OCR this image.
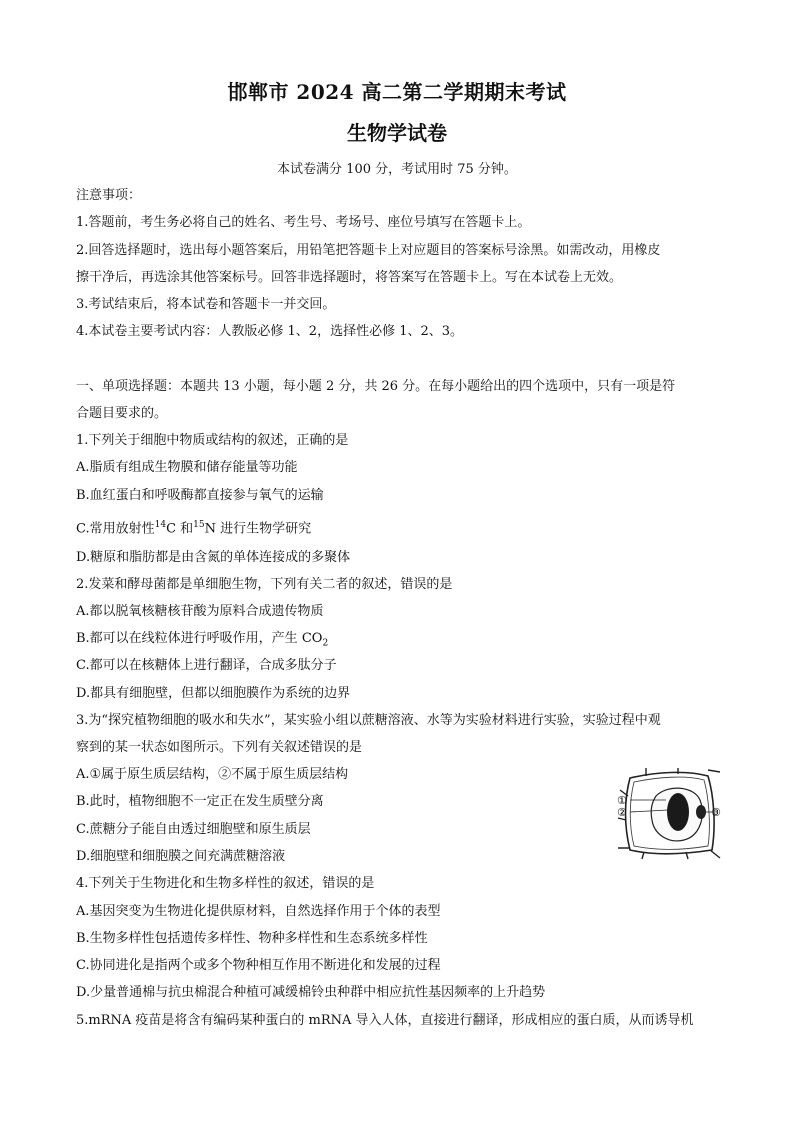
邯郸市 2024 高二第二学期期末考试
生物学试卷
本试卷满分 100 分，考试用时 75 分钟。
注意事项：
1.答题前，考生务必将自己的姓名、考生号、考场号、座位号填写在答题卡上。
2.回答选择题时，选出每小题答案后，用铅笔把答题卡上对应题目的答案标号涂黑。如需改动，用橡皮
擦干净后，再选涂其他答案标号。回答非选择题时，将答案写在答题卡上。写在本试卷上无效。
3.考试结束后，将本试卷和答题卡一并交回。
4.本试卷主要考试内容：人教版必修 1、2，选择性必修 1、2、3。
一、单项选择题：本题共 13 小题，每小题 2 分，共 26 分。在每小题给出的四个选项中，只有一项是符
合题目要求的。
1.下列关于细胞中物质或结构的叙述，正确的是
A.脂质有组成生物膜和储存能量等功能
B.血红蛋白和呼吸酶都直接参与氧气的运输
C.常用放射性$^{14}$C 和$^{15}$N 进行生物学研究
D.糖原和脂肪都是由含氮的单体连接成的多聚体
2.发菜和酵母菌都是单细胞生物，下列有关二者的叙述，错误的是
A.都以脱氧核糖核苷酸为原料合成遗传物质
B.都可以在线粒体进行呼吸作用，产生 $CO_2$
C.都可以在核糖体上进行翻译，合成多肽分子
D.都具有细胞壁，但都以细胞膜作为系统的边界
3.为“探究植物细胞的吸水和失水”，某实验小组以蔗糖溶液、水等为实验材料进行实验，实验过程中观
察到的某一状态如图所示。下列有关叙述错误的是
A.①属于原生质层结构，②不属于原生质层结构
B.此时，植物细胞不一定正在发生质壁分离
C.蔗糖分子能自由透过细胞壁和原生质层
D.细胞壁和细胞膜之间充满蔗糖溶液
①
②	③
4.下列关于生物进化和生物多样性的叙述，错误的是
A.基因突变为生物进化提供原材料，自然选择作用于个体的表型
B.生物多样性包括遗传多样性、物种多样性和生态系统多样性
C.协同进化是指两个或多个物种相互作用不断进化和发展的过程
D.少量普通棉与抗虫棉混合种植可减缓棉铃虫种群中相应抗性基因频率的上升趋势
5.mRNA 疫苗是将含有编码某种蛋白的 mRNA 导入人体，直接进行翻译，形成相应的蛋白质，从而诱导机
